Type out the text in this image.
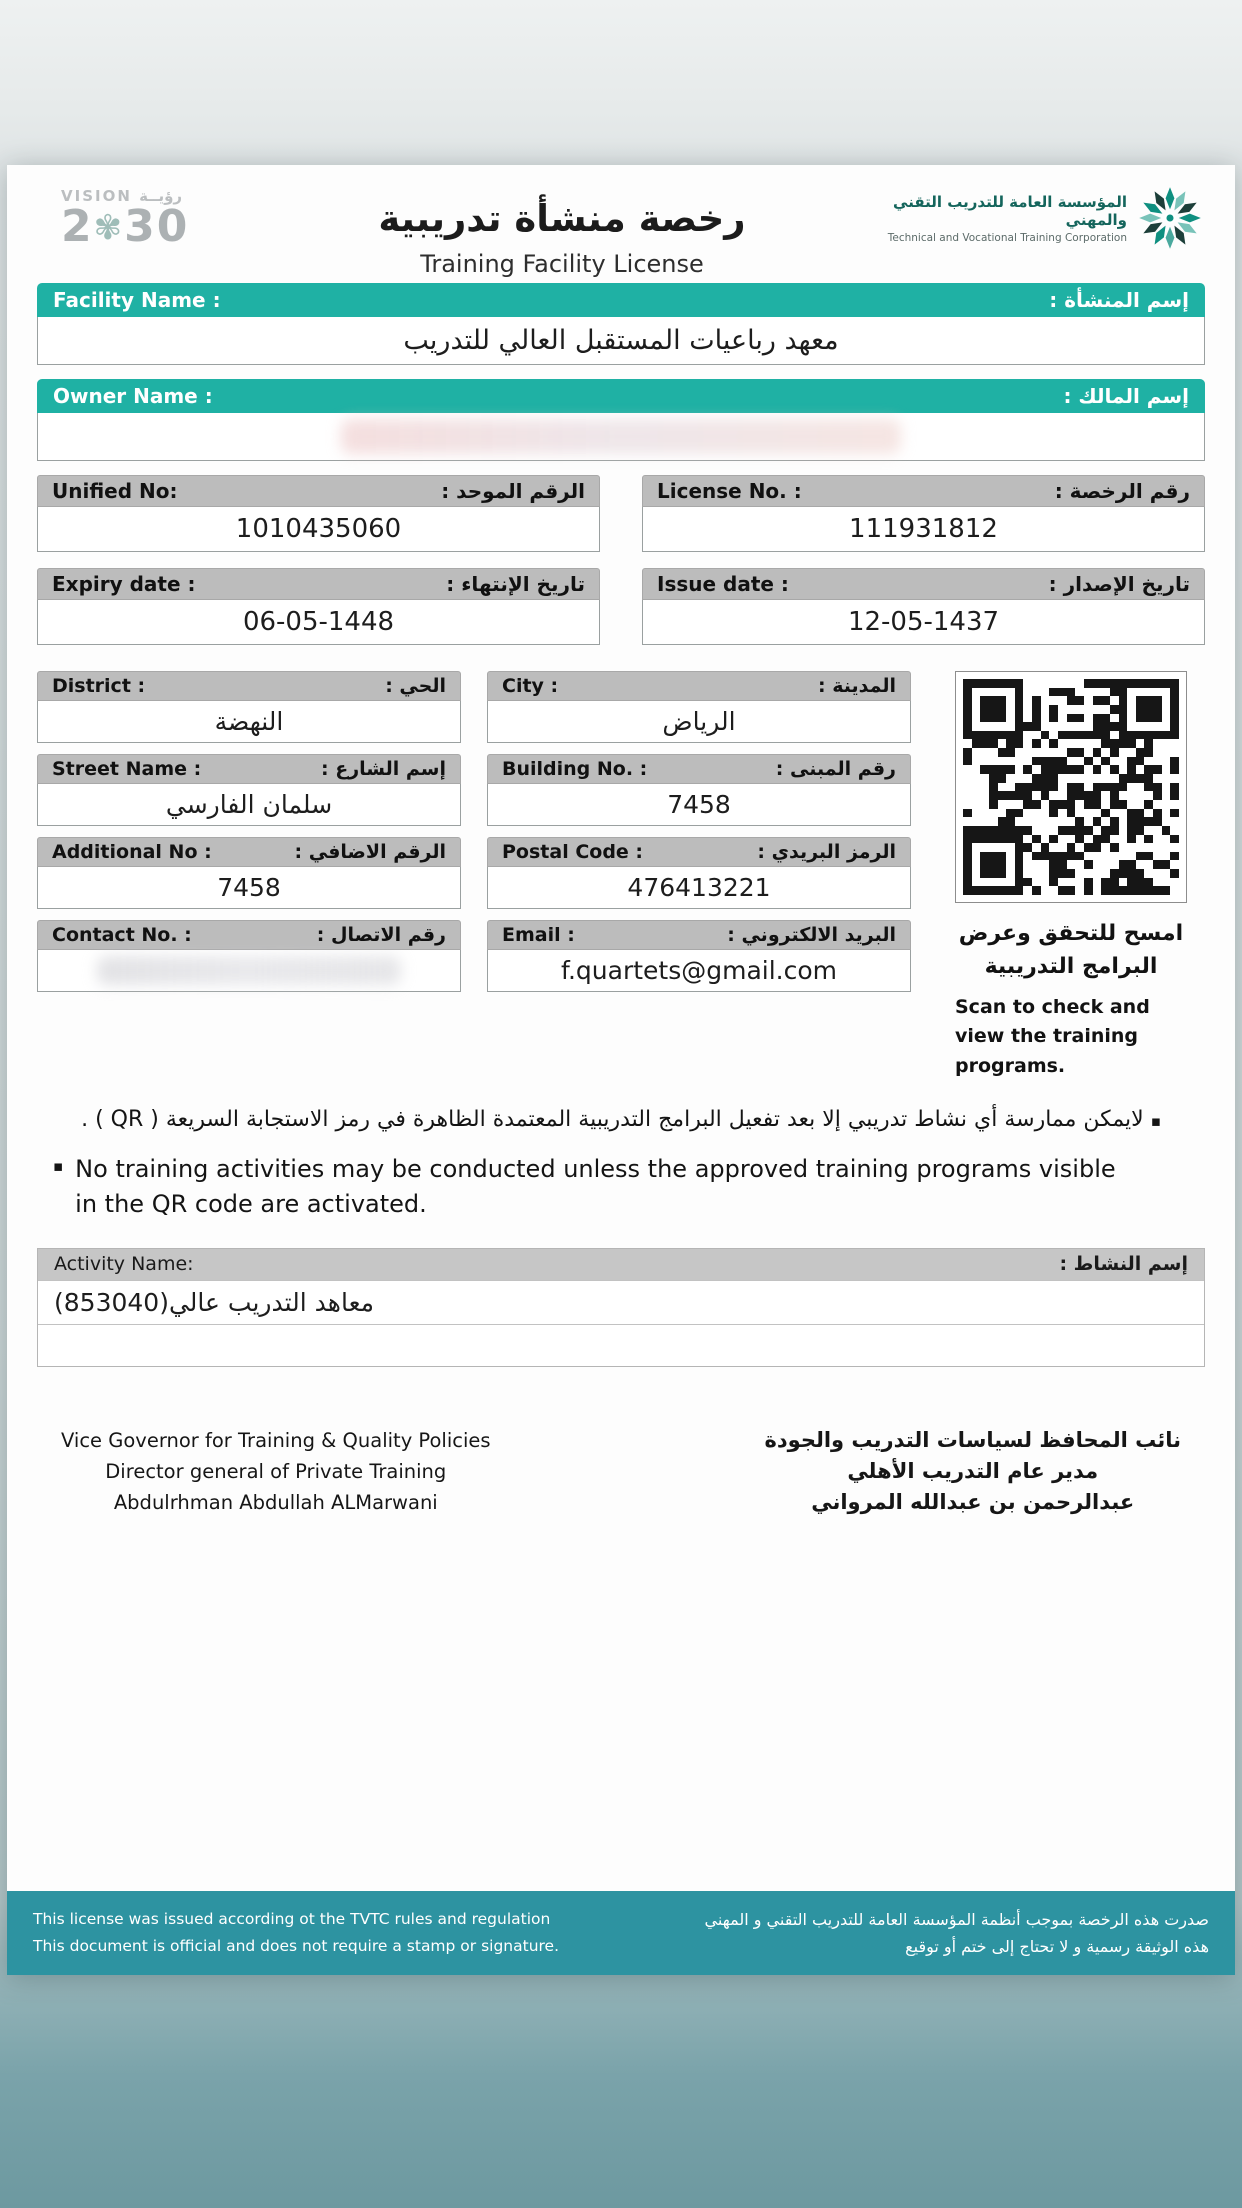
VISION رؤيــة
2✾30	رخصة منشأة تدريبية
Training Facility License
المؤسسة العامة للتدريب التقني والمهني
Technical and Vocational Training Corporation
Facility Name :	إسم المنشأة :
معهد رباعيات المستقبل العالي للتدريب
Owner Name :	إسم المالك :
Unified No:	الرقم الموحد :
1010435060
License No. :	رقم الرخصة :
111931812
Expiry date :	تاريخ الإنتهاء :
06-05-1448
Issue date :	تاريخ الإصدار :
12-05-1437
District :	الحي :
النهضة
Street Name :	إسم الشارع :
سلمان الفارسي
Additional No :	الرقم الاضافي :
7458
Contact No. :	رقم الاتصال :
City :	المدينة :
الرياض
Building No. :	رقم المبنى :
7458
Postal Code :	الرمز البريدي :
476413221
Email :	البريد الالكتروني :
f.quartets@gmail.com
امسح للتحقق وعرض البرامج التدريبية
Scan to check and view the training programs.
▪ لايمكن ممارسة أي نشاط تدريبي إلا بعد تفعيل البرامج التدريبية المعتمدة الظاهرة في رمز الاستجابة السريعة ( QR ) .
▪ No training activities may be conducted unless the approved training programs visible in the QR code are activated.
Activity Name:	إسم النشاط :
معاهد التدريب عالي(853040)
Vice Governor for Training & Quality Policies
Director general of Private Training
Abdulrhman Abdullah ALMarwani
نائب المحافظ لسياسات التدريب والجودة
مدير عام التدريب الأهلي
عبدالرحمن بن عبدالله المرواني
This license was issued according ot the TVTC rules and regulation
This document is official and does not require a stamp or signature.
صدرت هذه الرخصة بموجب أنظمة المؤسسة العامة للتدريب التقني و المهني
هذه الوثيقة رسمية و لا تحتاج إلى ختم أو توقيع
